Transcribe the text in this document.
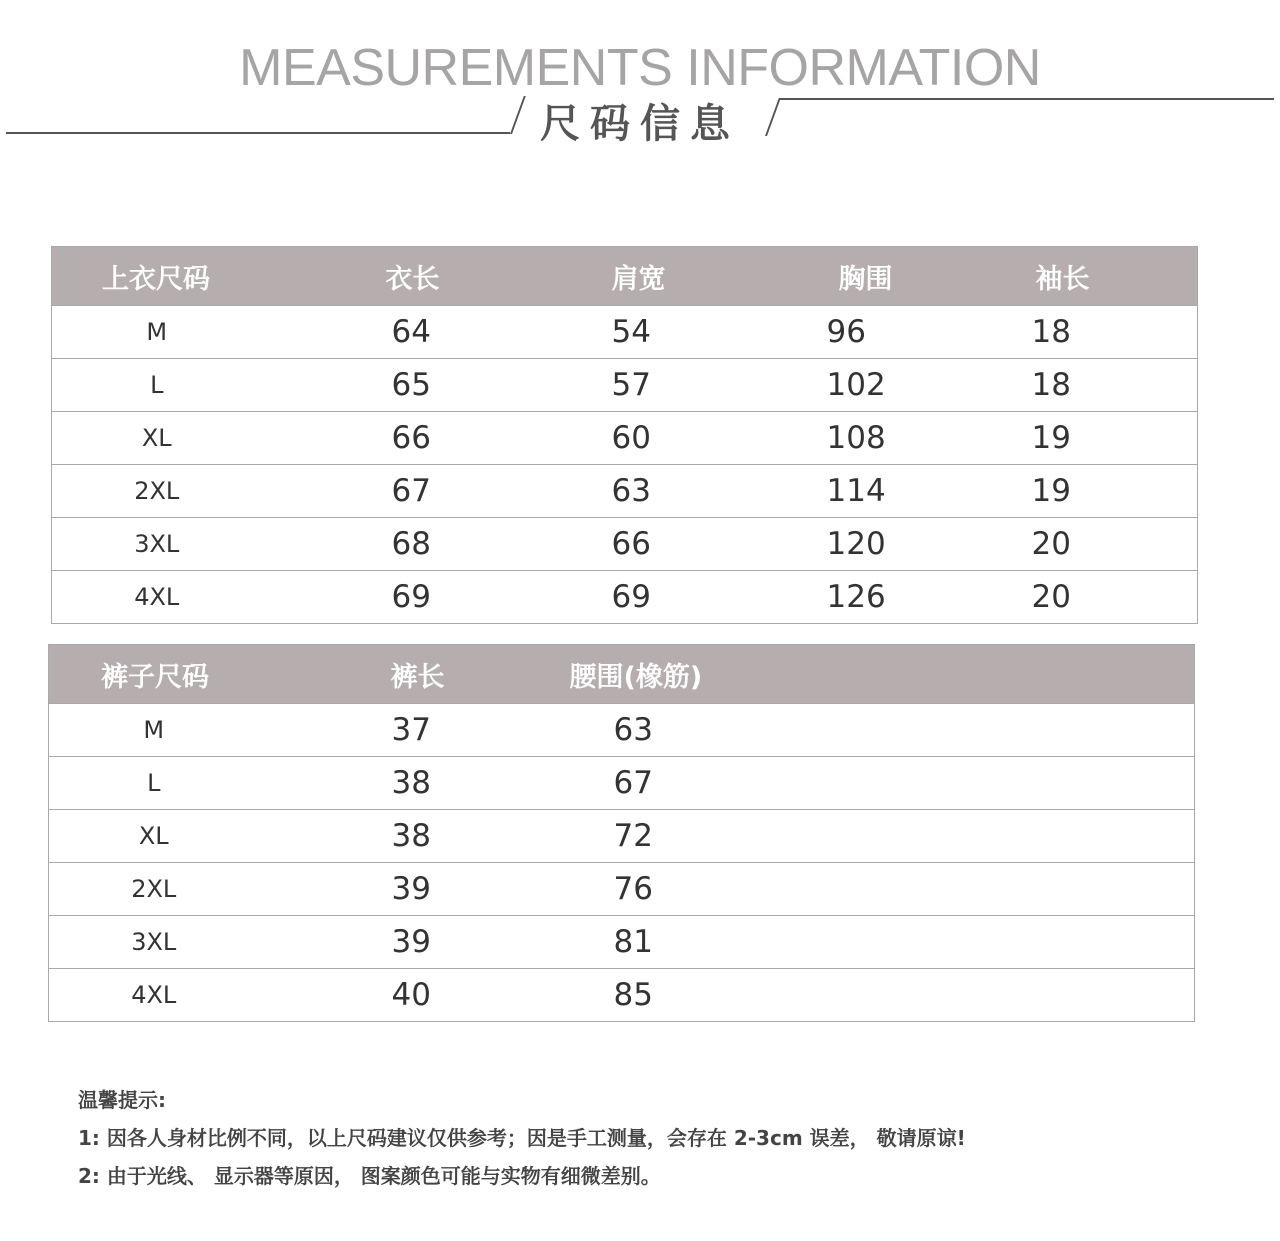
MEASUREMENTS INFORMATION
尺码信息
上衣尺码	衣长	肩宽	胸围	袖长
M	64	54	96	18
L	65	57	102	18
XL	66	60	108	19
2XL	67	63	114	19
3XL	68	66	120	20
4XL	69	69	126	20
裤子尺码	裤长	腰围(橡筋)	
M	37	63	
L	38	67	
XL	38	72	
2XL	39	76	
3XL	39	81	
4XL	40	85	
温馨提示:
1: 因各人身材比例不同，以上尺码建议仅供参考；因是手工测量，会存在 2-3cm 误差， 敬请原谅!
2: 由于光线、 显示器等原因， 图案颜色可能与实物有细微差别。
